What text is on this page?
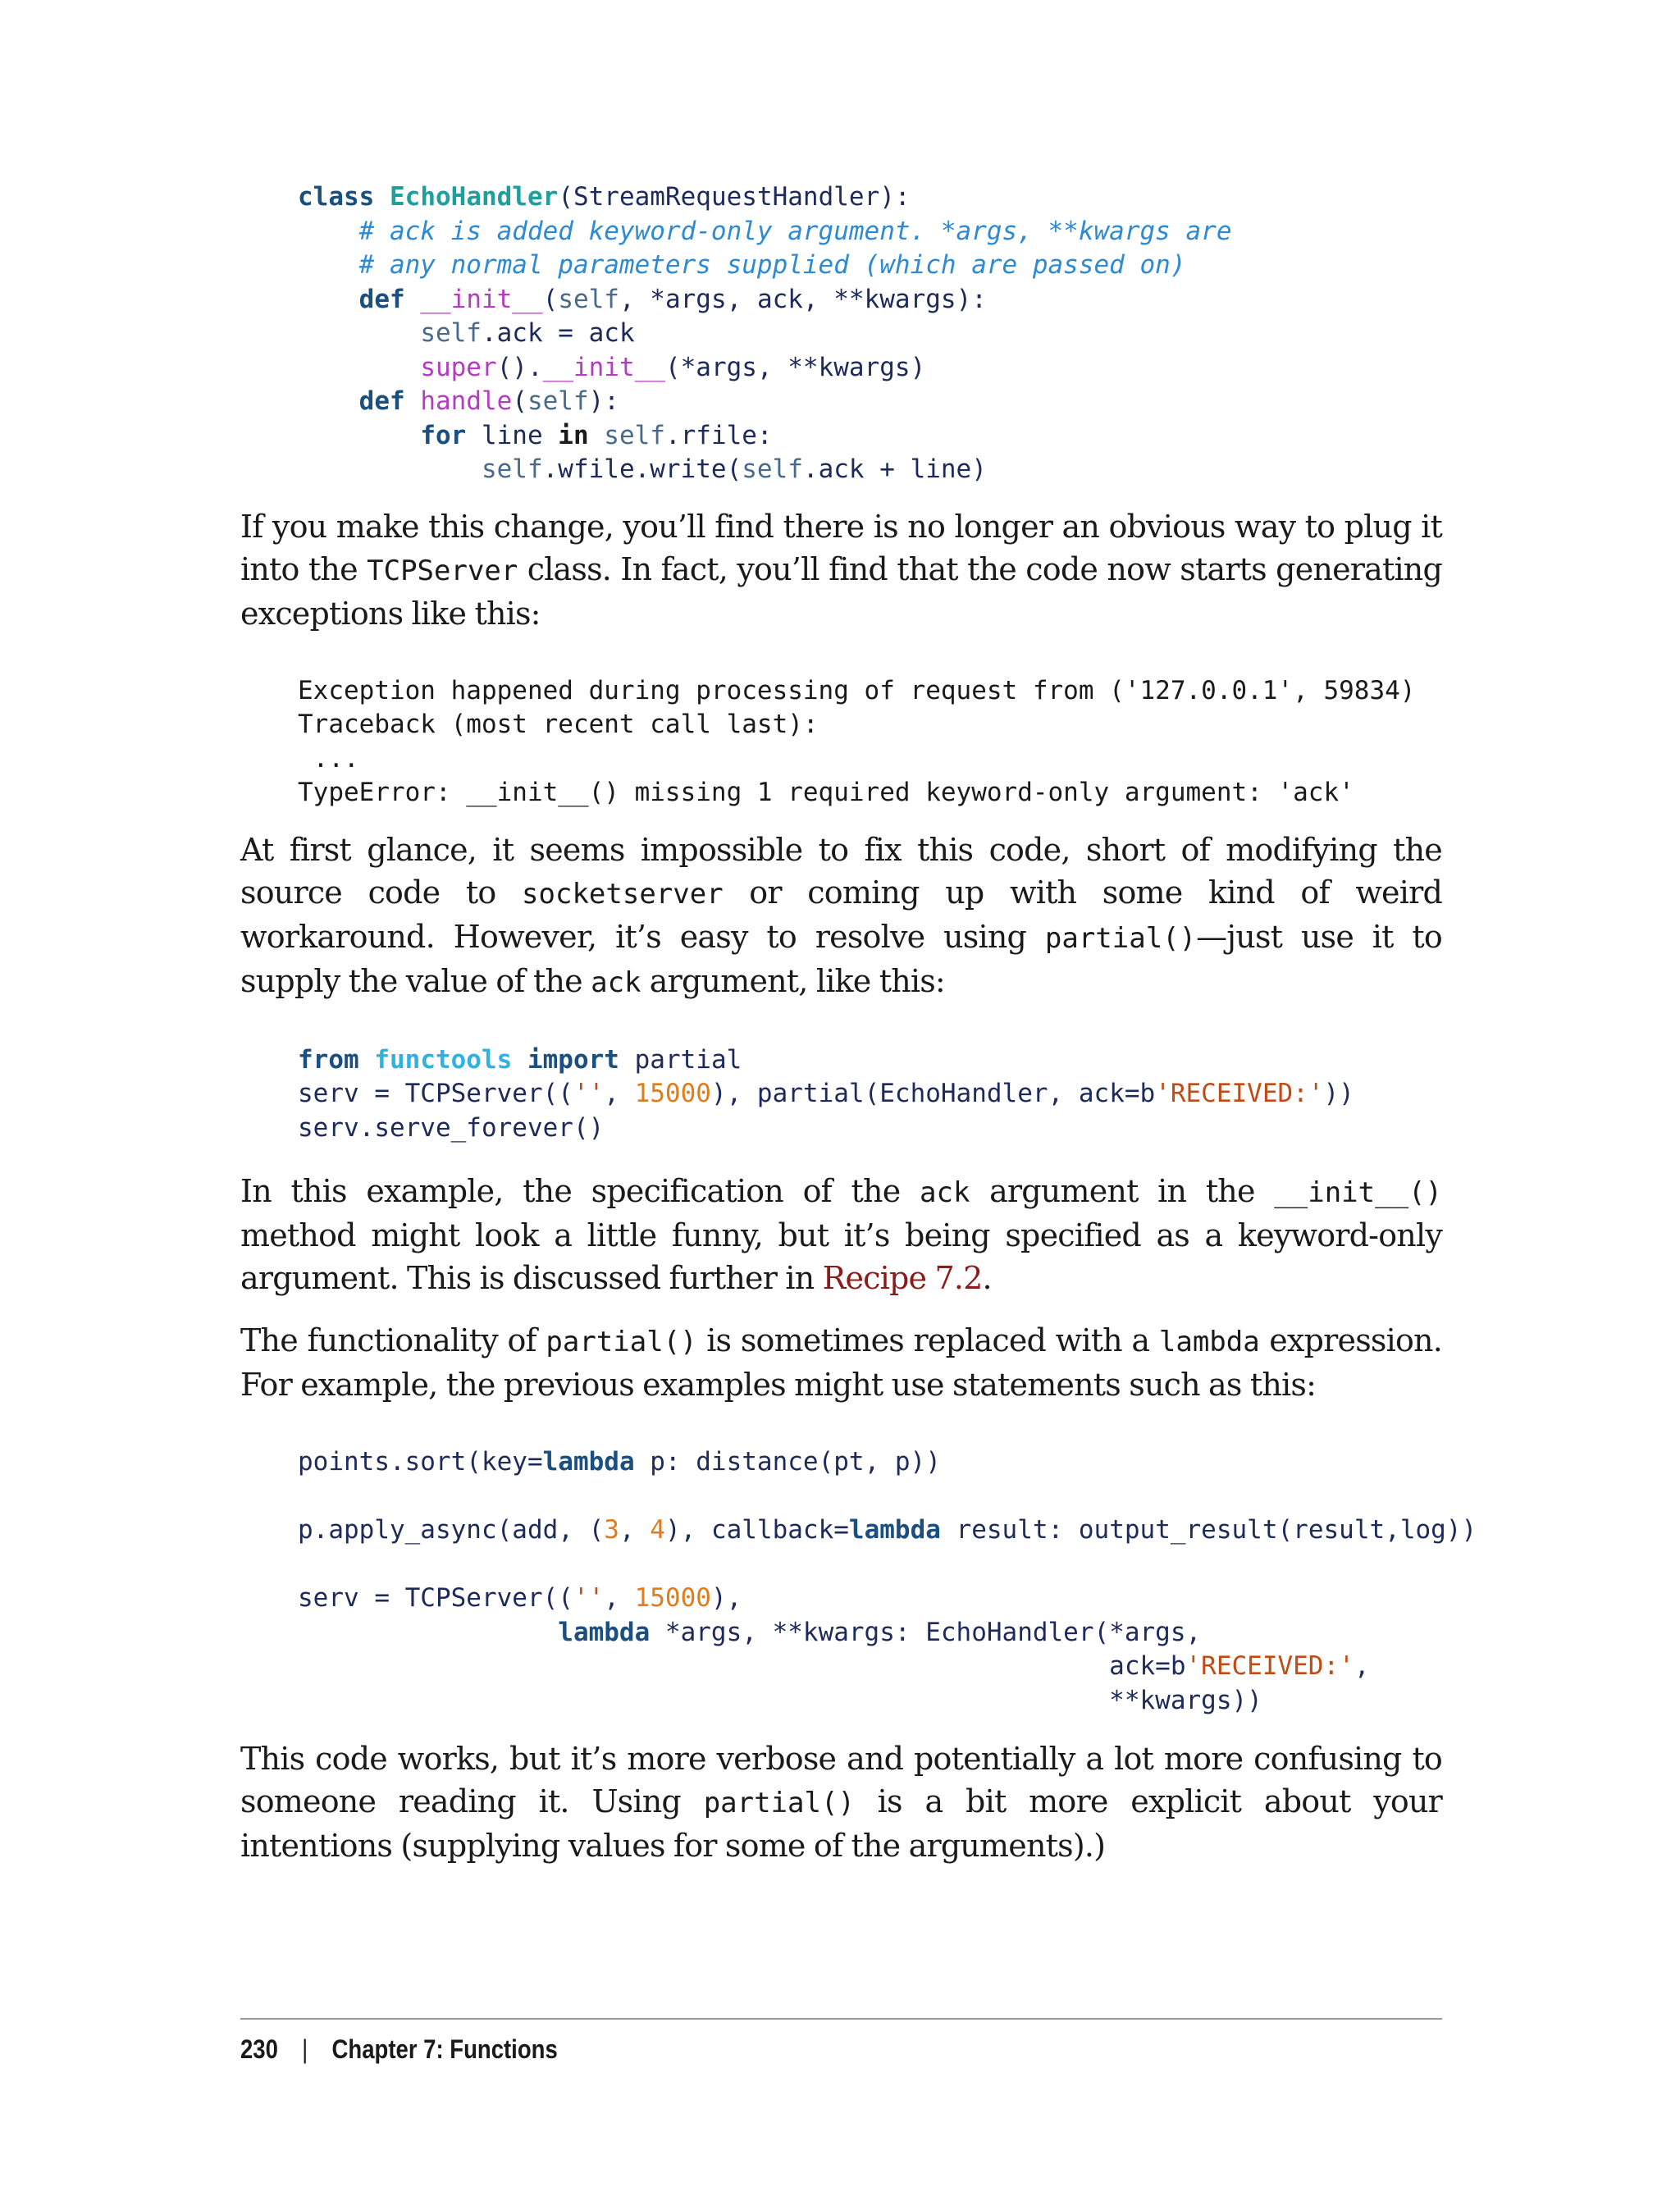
class EchoHandler(StreamRequestHandler):
# ack is added keyword-only argument. *args, **kwargs are
# any normal parameters supplied (which are passed on)
def __init__(self, *args, ack, **kwargs):
self.ack = ack
super().__init__(*args, **kwargs)
def handle(self):
for line in self.rfile:
self.wfile.write(self.ack + line)

If you make this change, you’ll find there is no longer an obvious way to plug it into the TCPServer class. In fact, you’ll find that the code now starts generating exceptions like this:

Exception happened during processing of request from ('127.0.0.1', 59834)
Traceback (most recent call last):
...
TypeError: __init__() missing 1 required keyword-only argument: 'ack'

At first glance, it seems impossible to fix this code, short of modifying the source code to socketserver or coming up with some kind of weird workaround. However, it’s easy to resolve using partial()—just use it to supply the value of the ack argument, like this:

from functools import partial
serv = TCPServer(('', 15000), partial(EchoHandler, ack=b'RECEIVED:'))
serv.serve_forever()

In this example, the specification of the ack argument in the __init__() method might look a little funny, but it’s being specified as a keyword-only argument. This is discussed further in Recipe 7.2.

The functionality of partial() is sometimes replaced with a lambda expression. For example, the previous examples might use statements such as this:

points.sort(key=lambda p: distance(pt, p))

p.apply_async(add, (3, 4), callback=lambda result: output_result(result,log))

serv = TCPServer(('', 15000),
lambda *args, **kwargs: EchoHandler(*args,
ack=b'RECEIVED:',
**kwargs))

This code works, but it’s more verbose and potentially a lot more confusing to someone reading it. Using partial() is a bit more explicit about your intentions (supplying values for some of the arguments).)

230 | Chapter 7: Functions
